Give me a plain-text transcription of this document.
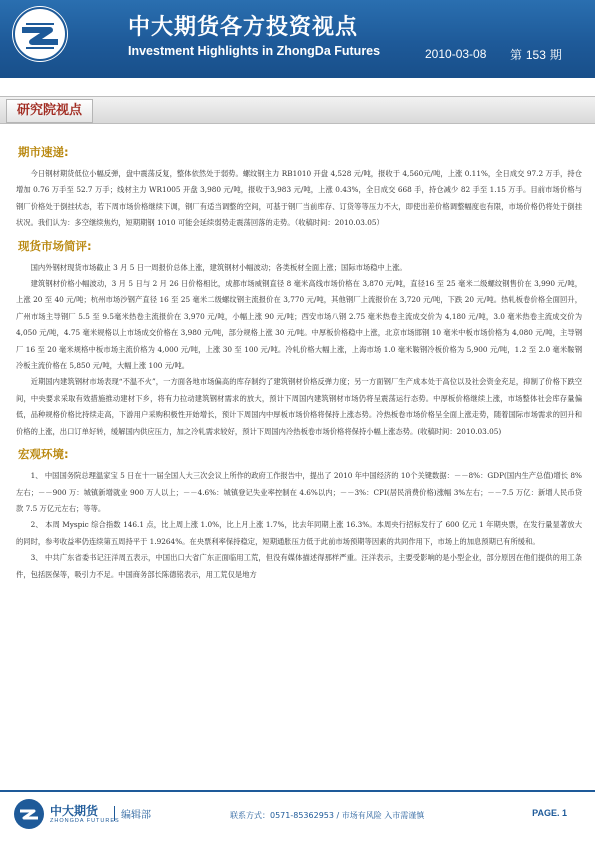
中大期货各方投资视点
Investment Highlights in ZhongDa Futures	2010-03-08 第 153 期
研究院视点
期市速递:

今日钢材期货低位小幅反弹，盘中震荡反复，整体依然处于弱势。螺纹钢主力 RB1010 开盘 4,528 元/吨，报收于 4,560元/吨，上涨 0.11%，全日成交 97.2 万手，持仓增加 0.76 万手至 52.7 万手；线材主力 WR1005 开盘 3,980 元/吨，报收于3,983 元/吨，上涨 0.43%，全日成交 668 手，持仓减少 82 手至 1.15 万手。目前市场价格与钢厂价格处于倒挂状态，若下周市场价格继续下调，钢厂有适当调整的空间，可基于钢厂当前库存、订货等等压力不大，即使出差价格调整幅度也有限，市场价格仍将处于倒挂状况。我们认为：多空继续焦灼，短期期钢 1010 可能会延续弱势走震荡回落的走势。（收稿时间：2010.03.05）

现货市场简评:

国内外钢材现货市场截止 3 月 5 日一周报价总体上涨，建筑钢材小幅波动；各类板材全面上涨；国际市场稳中上涨。

建筑钢材价格小幅波动，3 月 5 日与 2 月 26 日价格相比，成都市场威钢直径 8 毫米高线市场价格在 3,870 元/吨，直径16 至 25 毫米二级螺纹钢售价在 3,990 元/吨，上涨 20 至 40 元/吨；杭州市场沙钢产直径 16 至 25 毫米二级螺纹钢主流报价在 3,770 元/吨，其他钢厂上流报价在 3,720 元/吨，下跌 20 元/吨。热轧板卷价格全面回升，广州市场主导钢厂 5.5 至 9.5毫米热卷主流报价在 3,970 元/吨，小幅上涨 90 元/吨；西安市场八钢 2.75 毫米热卷主流成交价为 4,180 元/吨，3.0 毫米热卷主流成交价为 4,050 元/吨，4.75 毫米规格以上市场成交价格在 3,980 元/吨，部分规格上涨 30 元/吨。中厚板价格稳中上涨，北京市场邯钢 10 毫米中板市场价格为 4,080 元/吨，主导钢厂 16 至 20 毫米规格中板市场主流价格为 4,000 元/吨，上涨 30 至 100 元/吨。冷轧价格大幅上涨，上海市场 1.0 毫米鞍钢冷板价格为 5,900 元/吨，1.2 至 2.0 毫米鞍钢冷板主流价格在 5,850 元/吨，大幅上涨 100 元/吨。

近期国内建筑钢材市场表现“不温不火”，一方面各地市场偏高的库存制约了建筑钢材价格反弹力度；另一方面钢厂生产成本处于高位以及社会资金充足，抑制了价格下跌空间，中央要求采取有效措施推动建材下乡，将有力拉动建筑钢材需求的放大，预计下周国内建筑钢材市场仍将呈震荡运行态势。中厚板价格继续上涨，市场整体社会库存量偏低，品种规格价格比持续走高，下游用户采购积极性开始增长，预计下周国内中厚板市场价格将保持上涨态势。冷热板卷市场价格呈全面上涨走势，随着国际市场需求的回升和价格的上涨，出口订单好转，缓解国内供应压力，加之冷轧需求较好，预计下周国内冷热板卷市场价格将保持小幅上涨态势。(收稿时间：2010.03.05)

宏观环境:

1、 中国国务院总理温家宝 5 日在十一届全国人大三次会议上所作的政府工作报告中，提出了 2010 年中国经济的 10个关键数据：－－8%：GDP(国内生产总值)增长 8%左右；－－900 万：城镇新增就业 900 万人以上；－－4.6%：城镇登记失业率控制在 4.6%以内；－－3%：CPI(居民消费价格)涨幅 3%左右；－－7.5 万亿：新增人民币贷款 7.5 万亿元左右；等等。

2、 本周 Myspic 综合指数 146.1 点，比上周上涨 1.0%，比上月上涨 1.7%，比去年同期上涨 16.3%。本周央行招标发行了 600 亿元 1 年期央票，在发行量显著放大的同时，参考收益率仍连续第五周持平于 1.9264%。在央票利率保持稳定，短期通胀压力低于此前市场预期等因素的共同作用下，市场上的加息预期已有所缓和。

3、 中共广东省委书记汪洋周五表示，中国出口大省广东正面临用工荒，但没有媒体描述得那样严重。汪洋表示，主要受影响的是小型企业，部分原因在他们提供的用工条件，包括医保等，吸引力不足。中国商务部长陈德铭表示，用工荒仅是地方

中大期货
ZHONGDA FUTURES 编辑部	联系方式：0571-85362953 / 市场有风险 入市需谨慎	PAGE. 1
